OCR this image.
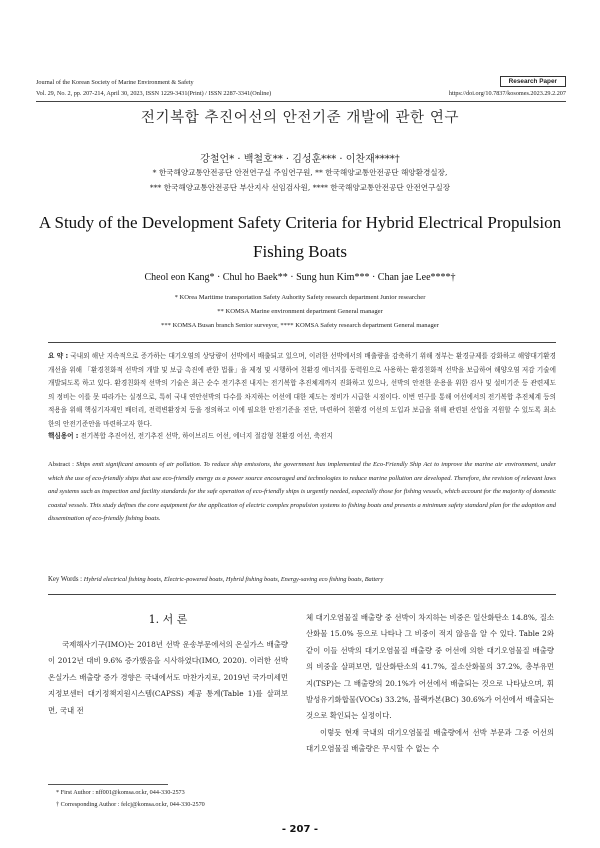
Journal of the Korean Society of Marine Environment & Safety
Vol. 29, No. 2, pp. 207-214, April 30, 2023, ISSN 1229-3431(Print) / ISSN 2287-3341(Online)
Research Paper
https://doi.org/10.7837/kosomes.2023.29.2.207
전기복합 추진어선의 안전기준 개발에 관한 연구
강철언* · 백철호** · 김성훈*** · 이찬재****†
* 한국해양교통안전공단 안전연구실 주임연구원, ** 한국해양교통안전공단 해양환경실장,
*** 한국해양교통안전공단 부산지사 선임검사원, **** 한국해양교통안전공단 안전연구실장
A Study of the Development Safety Criteria for Hybrid Electrical Propulsion Fishing Boats
Cheol eon Kang* · Chul ho Baek** · Sung hun Kim*** · Chan jae Lee****†
* KOrea Maritime transportation Safety Auhority Safety research department Junior researcher
** KOMSA Marine environment department General manager
*** KOMSA Busan branch Senior surveyor, **** KOMSA Safety research department General manager
요 약 : 국내외 해난 지속적으로 증가하는 대기오염의 상당량이 선박에서 배출되고 있으며, 이러한 선박에서의 배출량을 감축하기 위해 정부는 환경규제를 강화하고 해양대기환경 개선을 위해 「환경친화적 선박의 개발 및 보급 촉진에 관한 법률」을 제정 및 시행하여 친환경 에너지를 동력원으로 사용하는 환경친화적 선박을 보급하여 해양오염 저감 기술에 개발되도록 하고 있다. 환경친화적 선박의 기술은 최근 순수 전기추진 내지는 전기복합 추진체계까지 진화하고 있으나, 선박의 안전한 운용을 위한 검사 및 설비기준 등 관련제도의 정비는 이를 못 따라가는 실정으로, 특히 국내 연안선박의 다수를 차지하는 어선에 대한 제도는 정비가 시급한 시점이다. 이번 연구를 통해 어선에서의 전기복합 추진체계 등의 적용을 위해 핵심기자재인 배터리, 전력변환장치 등을 정의하고 이에 필요한 안전기준을 진단, 마련하여 친환경 어선의 도입과 보급을 위해 관련된 산업을 지원할 수 있도록 최소한의 안전기준안을 마련하고자 한다.
핵심용어 : 전기복합 추진어선, 전기추진 선박, 하이브리드 어선, 에너지 절감형 친환경 어선, 축전지
Abstract : Ships emit significant amounts of air pollution. To reduce ship emissions, the government has implemented the Eco-Friendly Ship Act to improve the marine air environment, under which the use of eco-friendly ships that use eco-friendly energy as a power source encouraged and technologies to reduce marine pollution are developed. Therefore, the revision of relevant laws and systems such as inspection and facility standards for the safe operation of eco-friendly ships is urgently needed, especially those for fishing vessels, which account for the majority of domestic coastal vessels. This study defines the core equipment for the application of electric complex propulsion systems to fishing boats and presents a minimum safety standard plan for the adoption and dissemination of eco-friendly fishing boats.
Key Words : Hybrid electrical fishing boats, Electric-powered boats, Hybrid fishing boats, Energy-saving eco fishing boats, Battery
1. 서 론
국제해사기구(IMO)는 2018년 선박 운송부문에서의 온실가스 배출량이 2012년 대비 9.6% 증가했음을 시사하였다(IMO, 2020). 이러한 선박 온실가스 배출량 증가 경향은 국내에서도 마찬가지로, 2019년 국가미세먼지정보센터 대기정책지원시스템(CAPSS) 제공 통계(Table 1)를 살펴보면, 국내 전
체 대기오염물질 배출량 중 선박이 차지하는 비중은 일산화탄소 14.8%, 질소산화물 15.0% 등으로 나타나 그 비중이 적지 않음을 알 수 있다. Table 2와 같이 이들 선박의 대기오염물질 배출량 중 어선에 의한 대기오염물질 배출량의 비중을 살펴보면, 일산화탄소의 41.7%, 질소산화물의 37.2%, 총부유먼지(TSP)는 그 배출량의 20.1%가 어선에서 배출되는 것으로 나타났으며, 휘발성유기화합물(VOCs) 33.2%, 블랙카본(BC) 30.6%가 어선에서 배출되는 것으로 확인되는 실정이다.
이렇듯 현재 국내의 대기오염물질 배출량에서 선박 부문과 그중 어선의 대기오염물질 배출량은 무시할 수 없는 수
* First Author : nff001@komsa.or.kr, 044-330-2573
† Corresponding Author : felcj@komsa.or.kr, 044-330-2570
- 207 -
